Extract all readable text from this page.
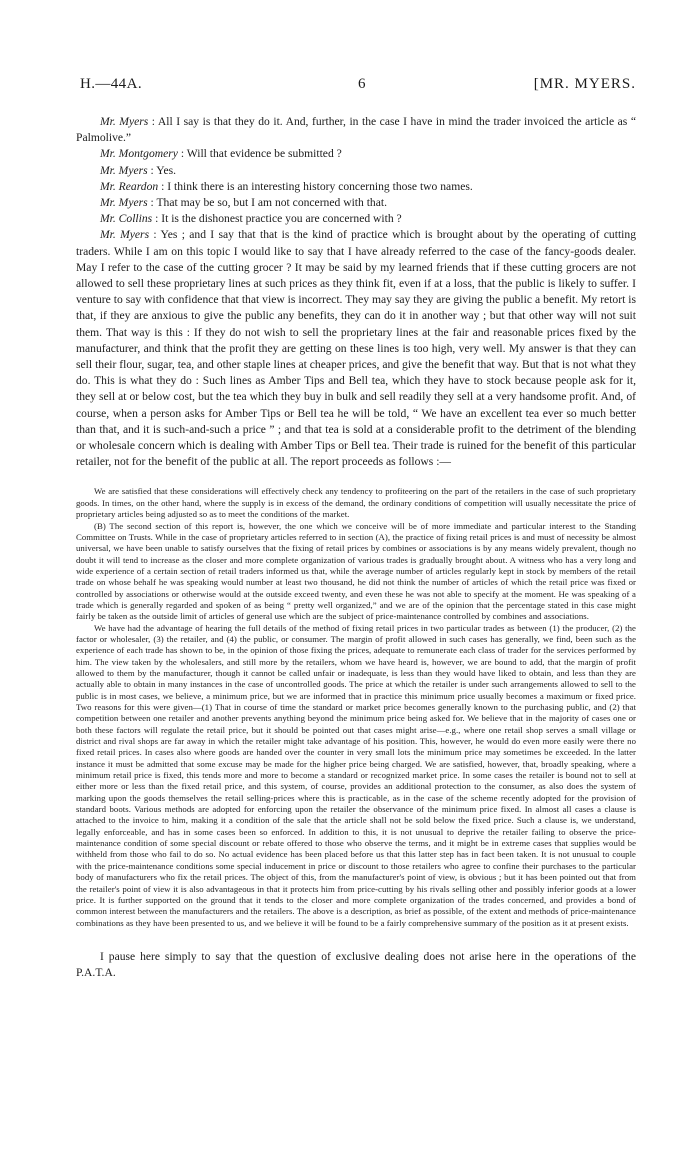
H.—44A.	6	[MR. MYERS.

Mr. Myers : All I say is that they do it. And, further, in the case I have in mind the trader invoiced the article as “ Palmolive.”

Mr. Montgomery : Will that evidence be submitted ?

Mr. Myers : Yes.

Mr. Reardon : I think there is an interesting history concerning those two names.

Mr. Myers : That may be so, but I am not concerned with that.

Mr. Collins : It is the dishonest practice you are concerned with ?

Mr. Myers : Yes ; and I say that that is the kind of practice which is brought about by the operating of cutting traders. While I am on this topic I would like to say that I have already referred to the case of the fancy-goods dealer. May I refer to the case of the cutting grocer ? It may be said by my learned friends that if these cutting grocers are not allowed to sell these proprietary lines at such prices as they think fit, even if at a loss, that the public is likely to suffer. I venture to say with confidence that that view is incorrect. They may say they are giving the public a benefit. My retort is that, if they are anxious to give the public any benefits, they can do it in another way ; but that other way will not suit them. That way is this : If they do not wish to sell the proprietary lines at the fair and reasonable prices fixed by the manufacturer, and think that the profit they are getting on these lines is too high, very well. My answer is that they can sell their flour, sugar, tea, and other staple lines at cheaper prices, and give the benefit that way. But that is not what they do. This is what they do : Such lines as Amber Tips and Bell tea, which they have to stock because people ask for it, they sell at or below cost, but the tea which they buy in bulk and sell readily they sell at a very handsome profit. And, of course, when a person asks for Amber Tips or Bell tea he will be told, “ We have an excellent tea ever so much better than that, and it is such-and-such a price ” ; and that tea is sold at a considerable profit to the detriment of the blending or wholesale concern which is dealing with Amber Tips or Bell tea. Their trade is ruined for the benefit of this particular retailer, not for the benefit of the public at all. The report proceeds as follows :—

We are satisfied that these considerations will effectively check any tendency to profiteering on the part of the retailers in the case of such proprietary goods. In times, on the other hand, where the supply is in excess of the demand, the ordinary conditions of competition will usually necessitate the price of proprietary articles being adjusted so as to meet the conditions of the market.

(B) The second section of this report is, however, the one which we conceive will be of more immediate and particular interest to the Standing Committee on Trusts. While in the case of proprietary articles referred to in section (A), the practice of fixing retail prices is and must of necessity be almost universal, we have been unable to satisfy ourselves that the fixing of retail prices by combines or associations is by any means widely prevalent, though no doubt it will tend to increase as the closer and more complete organization of various trades is gradually brought about. A witness who has a very long and wide experience of a certain section of retail traders informed us that, while the average number of articles regularly kept in stock by members of the retail trade on whose behalf he was speaking would number at least two thousand, he did not think the number of articles of which the retail price was fixed or controlled by associations or otherwise would at the outside exceed twenty, and even these he was not able to specify at the moment. He was speaking of a trade which is generally regarded and spoken of as being “ pretty well organized,” and we are of the opinion that the percentage stated in this case might fairly be taken as the outside limit of articles of general use which are the subject of price-maintenance controlled by combines and associations.

We have had the advantage of hearing the full details of the method of fixing retail prices in two particular trades as between (1) the producer, (2) the factor or wholesaler, (3) the retailer, and (4) the public, or consumer. The margin of profit allowed in such cases has generally, we find, been such as the experience of each trade has shown to be, in the opinion of those fixing the prices, adequate to remunerate each class of trader for the services performed by him. The view taken by the wholesalers, and still more by the retailers, whom we have heard is, however, we are bound to add, that the margin of profit allowed to them by the manufacturer, though it cannot be called unfair or inadequate, is less than they would have liked to obtain, and less than they are actually able to obtain in many instances in the case of uncontrolled goods. The price at which the retailer is under such arrangements allowed to sell to the public is in most cases, we believe, a minimum price, but we are informed that in practice this minimum price usually becomes a maximum or fixed price. Two reasons for this were given—(1) That in course of time the standard or market price becomes generally known to the purchasing public, and (2) that competition between one retailer and another prevents anything beyond the minimum price being asked for. We believe that in the majority of cases one or both these factors will regulate the retail price, but it should be pointed out that cases might arise—e.g., where one retail shop serves a small village or district and rival shops are far away in which the retailer might take advantage of his position. This, however, he would do even more easily were there no fixed retail prices. In cases also where goods are handed over the counter in very small lots the minimum price may sometimes be exceeded. In the latter instance it must be admitted that some excuse may be made for the higher price being charged. We are satisfied, however, that, broadly speaking, where a minimum retail price is fixed, this tends more and more to become a standard or recognized market price. In some cases the retailer is bound not to sell at either more or less than the fixed retail price, and this system, of course, provides an additional protection to the consumer, as also does the system of marking upon the goods themselves the retail selling-prices where this is practicable, as in the case of the scheme recently adopted for the provision of standard boots. Various methods are adopted for enforcing upon the retailer the observance of the minimum price fixed. In almost all cases a clause is attached to the invoice to him, making it a condition of the sale that the article shall not be sold below the fixed price. Such a clause is, we understand, legally enforceable, and has in some cases been so enforced. In addition to this, it is not unusual to deprive the retailer failing to observe the price-maintenance condition of some special discount or rebate offered to those who observe the terms, and it might be in extreme cases that supplies would be withheld from those who fail to do so. No actual evidence has been placed before us that this latter step has in fact been taken. It is not unusual to couple with the price-maintenance conditions some special inducement in price or discount to those retailers who agree to confine their purchases to the particular body of manufacturers who fix the retail prices. The object of this, from the manufacturer's point of view, is obvious ; but it has been pointed out that from the retailer's point of view it is also advantageous in that it protects him from price-cutting by his rivals selling other and possibly inferior goods at a lower price. It is further supported on the ground that it tends to the closer and more complete organization of the trades concerned, and provides a bond of common interest between the manufacturers and the retailers. The above is a description, as brief as possible, of the extent and methods of price-maintenance combinations as they have been presented to us, and we believe it will be found to be a fairly comprehensive summary of the position as it at present exists.

I pause here simply to say that the question of exclusive dealing does not arise here in the operations of the P.A.T.A.
